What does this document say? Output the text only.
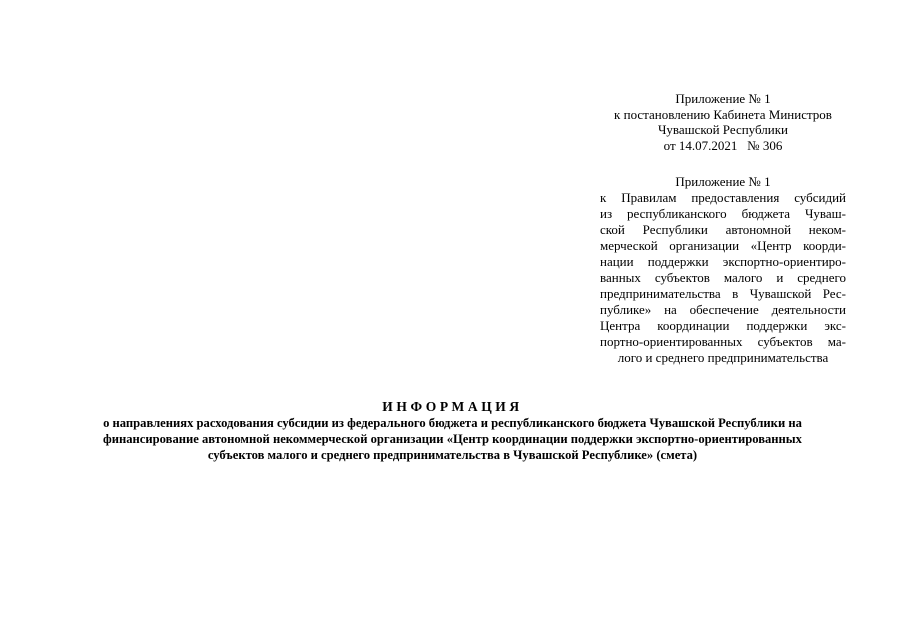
Приложение № 1
к постановлению Кабинета Министров
Чувашской Республики
от 14.07.2021   № 306
Приложение № 1
к Правилам предоставления субсидий
из республиканского бюджета Чуваш-
ской Республики автономной неком-
мерческой организации «Центр коорди-
нации поддержки экспортно-ориентиро-
ванных субъектов малого и среднего
предпринимательства в Чувашской Рес-
публике» на обеспечение деятельности
Центра координации поддержки экс-
портно-ориентированных субъектов ма-
лого и среднего предпринимательства
ИНФОРМАЦИЯ
о направлениях расходования субсидии из федерального бюджета и республиканского бюджета Чувашской Республики на
финансирование автономной некоммерческой организации «Центр координации поддержки экспортно-ориентированных
субъектов малого и среднего предпринимательства в Чувашской Республике» (смета)
